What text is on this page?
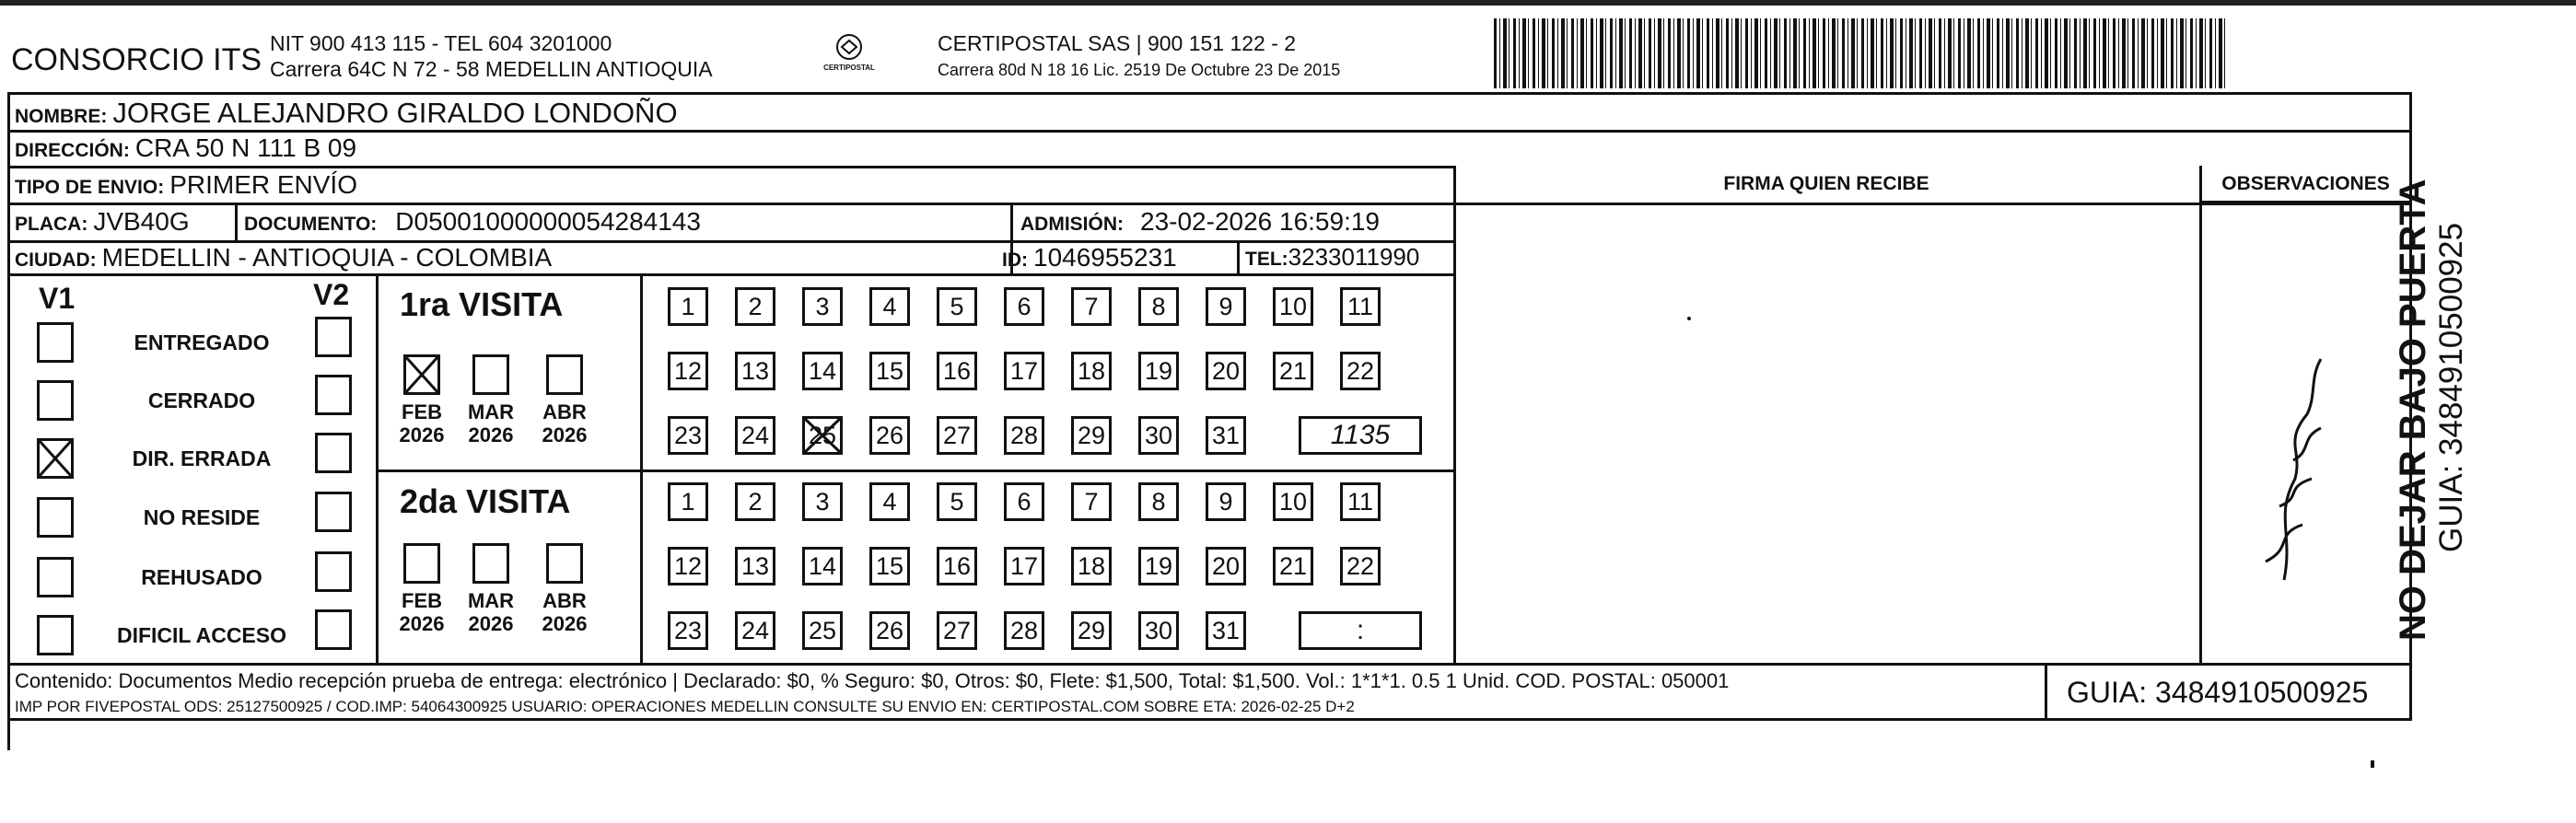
CONSORCIO ITS NIT 900 413 115 - TEL 604 3201000
Carrera 64C N 72 - 58 MEDELLIN ANTIOQUIA	CERTIPOSTAL
CERTIPOSTAL SAS | 900 151 122 - 2
Carrera 80d N 18 16 Lic. 2519 De Octubre 23 De 2015
NOMBRE: JORGE ALEJANDRO GIRALDO LONDOÑO
DIRECCIÓN: CRA 50 N 111 B 09
TIPO DE ENVIO: PRIMER ENVÍO	FIRMA QUIEN RECIBE	OBSERVACIONES
PLACA: JVB40G	DOCUMENTO: D05001000000054284143	ADMISIÓN: 23-02-2026 16:59:19
CIUDAD: MEDELLIN - ANTIOQUIA - COLOMBIA	ID: 1046955231	TEL: 3233011990
V1	V2
ENTREGADO
CERRADO
DIR. ERRADA
NO RESIDE
REHUSADO
DIFICIL ACCESO
1ra VISITA
FEB
2026
MAR
2026
ABR
2026
1	2	3	4	5	6	7	8	9	10 11
12 13 14 15 16 17 18 19 20 21 22
23 24 25 26 27 28 29 30 31	1135
2da VISITA
FEB
2026
MAR
2026
ABR
2026
1	2	3	4	5	6	7	8	9	10 11
12 13 14 15 16 17 18 19 20 21 22
23 24 25 26 27 28 29 30 31	:
Contenido: Documentos Medio recepción prueba de entrega: electrónico | Declarado: $0, % Seguro: $0, Otros: $0, Flete: $1,500, Total: $1,500. Vol.: 1*1*1. 0.5 1 Unid. COD. POSTAL: 050001
IMP POR FIVEPOSTAL ODS: 25127500925 / COD.IMP: 54064300925 USUARIO: OPERACIONES MEDELLIN CONSULTE SU ENVIO EN: CERTIPOSTAL.COM SOBRE ETA: 2026-02-25 D+2	GUIA: 3484910500925
NO DEJAR BAJO PUERTA GUIA: 3484910500925
